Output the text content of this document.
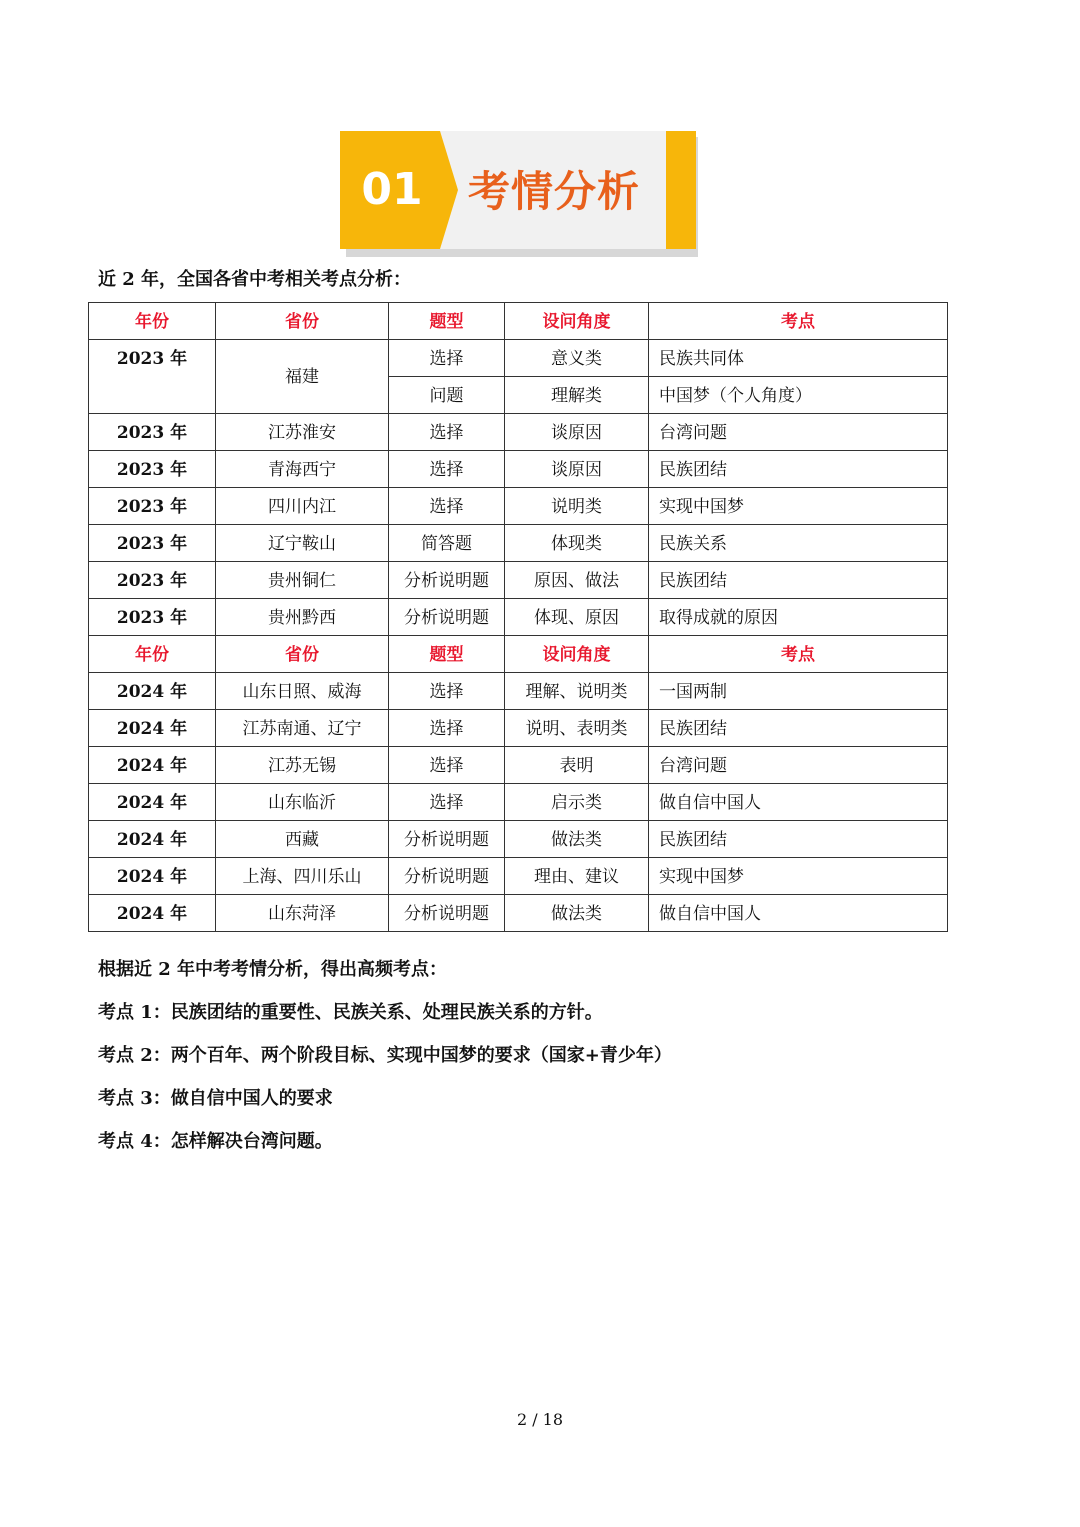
01 考情分析
近 2 年，全国各省中考相关考点分析：
年份	省份	题型	设问角度	考点
2023 年	福建	选择	意义类	民族共同体
		问题	理解类	中国梦（个人角度）
2023 年	江苏淮安	选择	谈原因	台湾问题
2023 年	青海西宁	选择	谈原因	民族团结
2023 年	四川内江	选择	说明类	实现中国梦
2023 年	辽宁鞍山	简答题	体现类	民族关系
2023 年	贵州铜仁	分析说明题	原因、做法	民族团结
2023 年	贵州黔西	分析说明题	体现、原因	取得成就的原因
年份	省份	题型	设问角度	考点
2024 年	山东日照、威海	选择	理解、说明类	一国两制
2024 年	江苏南通、辽宁	选择	说明、表明类	民族团结
2024 年	江苏无锡	选择	表明	台湾问题
2024 年	山东临沂	选择	启示类	做自信中国人
2024 年	西藏	分析说明题	做法类	民族团结
2024 年	上海、四川乐山	分析说明题	理由、建议	实现中国梦
2024 年	山东菏泽	分析说明题	做法类	做自信中国人
根据近 2 年中考考情分析，得出高频考点：
考点 1：民族团结的重要性、民族关系、处理民族关系的方针。
考点 2：两个百年、两个阶段目标、实现中国梦的要求（国家+青少年）
考点 3：做自信中国人的要求
考点 4：怎样解决台湾问题。
2 / 18
